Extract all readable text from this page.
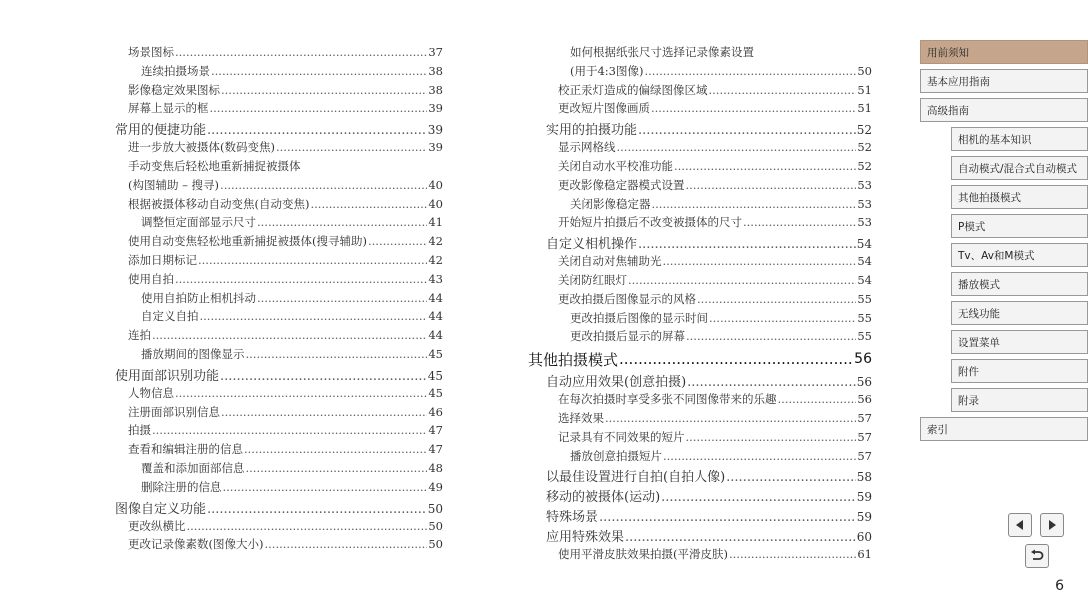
场景图标 .....	37
连续拍摄场景 .....	38
影像稳定效果图标 .....	38
屏幕上显示的框 .....	39
常用的便捷功能 .....	39
进一步放大被摄体(数码变焦) .....	39
手动变焦后轻松地重新捕捉被摄体
(构图辅助 – 搜寻) .....	40
根据被摄体移动自动变焦(自动变焦) .....	40
调整恒定面部显示尺寸 .....	41
使用自动变焦轻松地重新捕捉被摄体(搜寻辅助) .....	42
添加日期标记 .....	42
使用自拍 .....	43
使用自拍防止相机抖动 .....	44
自定义自拍 .....	44
连拍 .....	44
播放期间的图像显示 .....	45
使用面部识别功能 .....	45
人物信息 .....	45
注册面部识别信息 .....	46
拍摄 .....	47
查看和编辑注册的信息 .....	47
覆盖和添加面部信息 .....	48
删除注册的信息 .....	49
图像自定义功能 .....	50
更改纵横比 .....	50
更改记录像素数(图像大小) .....	50
如何根据纸张尺寸选择记录像素设置
(用于4:3图像) .....	50
校正汞灯造成的偏绿图像区域 .....	51
更改短片图像画质 .....	51
实用的拍摄功能 .....	52
显示网格线 .....	52
关闭自动水平校准功能 .....	52
更改影像稳定器模式设置 .....	53
关闭影像稳定器 .....	53
开始短片拍摄后不改变被摄体的尺寸 .....	53
自定义相机操作 .....	54
关闭自动对焦辅助光 .....	54
关闭防红眼灯 .....	54
更改拍摄后图像显示的风格 .....	55
更改拍摄后图像的显示时间 .....	55
更改拍摄后显示的屏幕 .....	55
其他拍摄模式 .....	56
自动应用效果(创意拍摄) .....	56
在每次拍摄时享受多张不同图像带来的乐趣 .....	56
选择效果 .....	57
记录具有不同效果的短片 .....	57
播放创意拍摄短片 .....	57
以最佳设置进行自拍(自拍人像) .....	58
移动的被摄体(运动) .....	59
特殊场景 .....	59
应用特殊效果 .....	60
使用平滑皮肤效果拍摄(平滑皮肤) .....	61
用前须知
基本应用指南
高级指南
相机的基本知识
自动模式/混合式自动模式
其他拍摄模式
P模式
Tv、Av和M模式
播放模式
无线功能
设置菜单
附件
附录
索引
6
